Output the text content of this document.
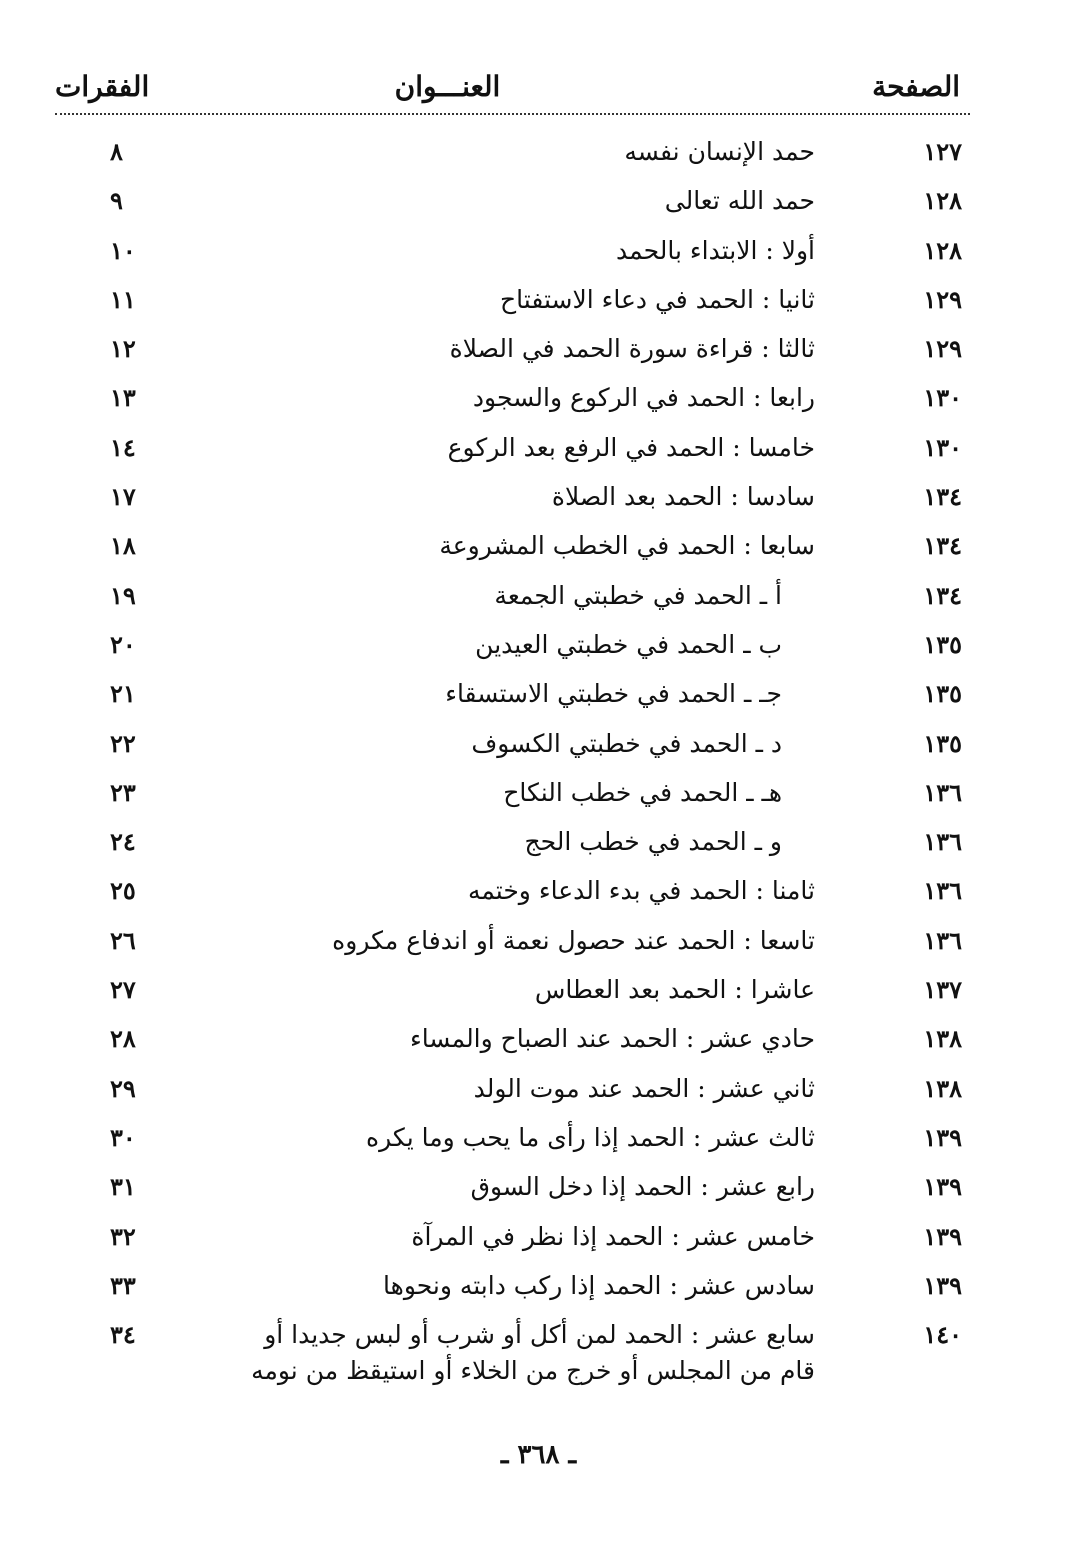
الصفحة
العنـــوان
الفقرات
١٢٧
حمد الإنسان نفسه
٨
١٢٨
حمد الله تعالى
٩
١٢٨
أولا : الابتداء بالحمد
١٠
١٢٩
ثانيا : الحمد في دعاء الاستفتاح
١١
١٢٩
ثالثا : قراءة سورة الحمد في الصلاة
١٢
١٣٠
رابعا : الحمد في الركوع والسجود
١٣
١٣٠
خامسا : الحمد في الرفع بعد الركوع
١٤
١٣٤
سادسا : الحمد بعد الصلاة
١٧
١٣٤
سابعا : الحمد في الخطب المشروعة
١٨
١٣٤
أ ـ الحمد في خطبتي الجمعة
١٩
١٣٥
ب ـ الحمد في خطبتي العيدين
٢٠
١٣٥
جـ ـ الحمد في خطبتي الاستسقاء
٢١
١٣٥
د ـ الحمد في خطبتي الكسوف
٢٢
١٣٦
هـ ـ الحمد في خطب النكاح
٢٣
١٣٦
و ـ الحمد في خطب الحج
٢٤
١٣٦
ثامنا : الحمد في بدء الدعاء وختمه
٢٥
١٣٦
تاسعا : الحمد عند حصول نعمة أو اندفاع مكروه
٢٦
١٣٧
عاشرا : الحمد بعد العطاس
٢٧
١٣٨
حادي عشر : الحمد عند الصباح والمساء
٢٨
١٣٨
ثاني عشر : الحمد عند موت الولد
٢٩
١٣٩
ثالث عشر : الحمد إذا رأى ما يحب وما يكره
٣٠
١٣٩
رابع عشر : الحمد إذا دخل السوق
٣١
١٣٩
خامس عشر : الحمد إذا نظر في المرآة
٣٢
١٣٩
سادس عشر : الحمد إذا ركب دابته ونحوها
٣٣
١٤٠
سابع عشر : الحمد لمن أكل أو شرب أو لبس جديدا أو
قام من المجلس أو خرج من الخلاء أو استيقظ من نومه
٣٤
ـ ٣٦٨ ـ
